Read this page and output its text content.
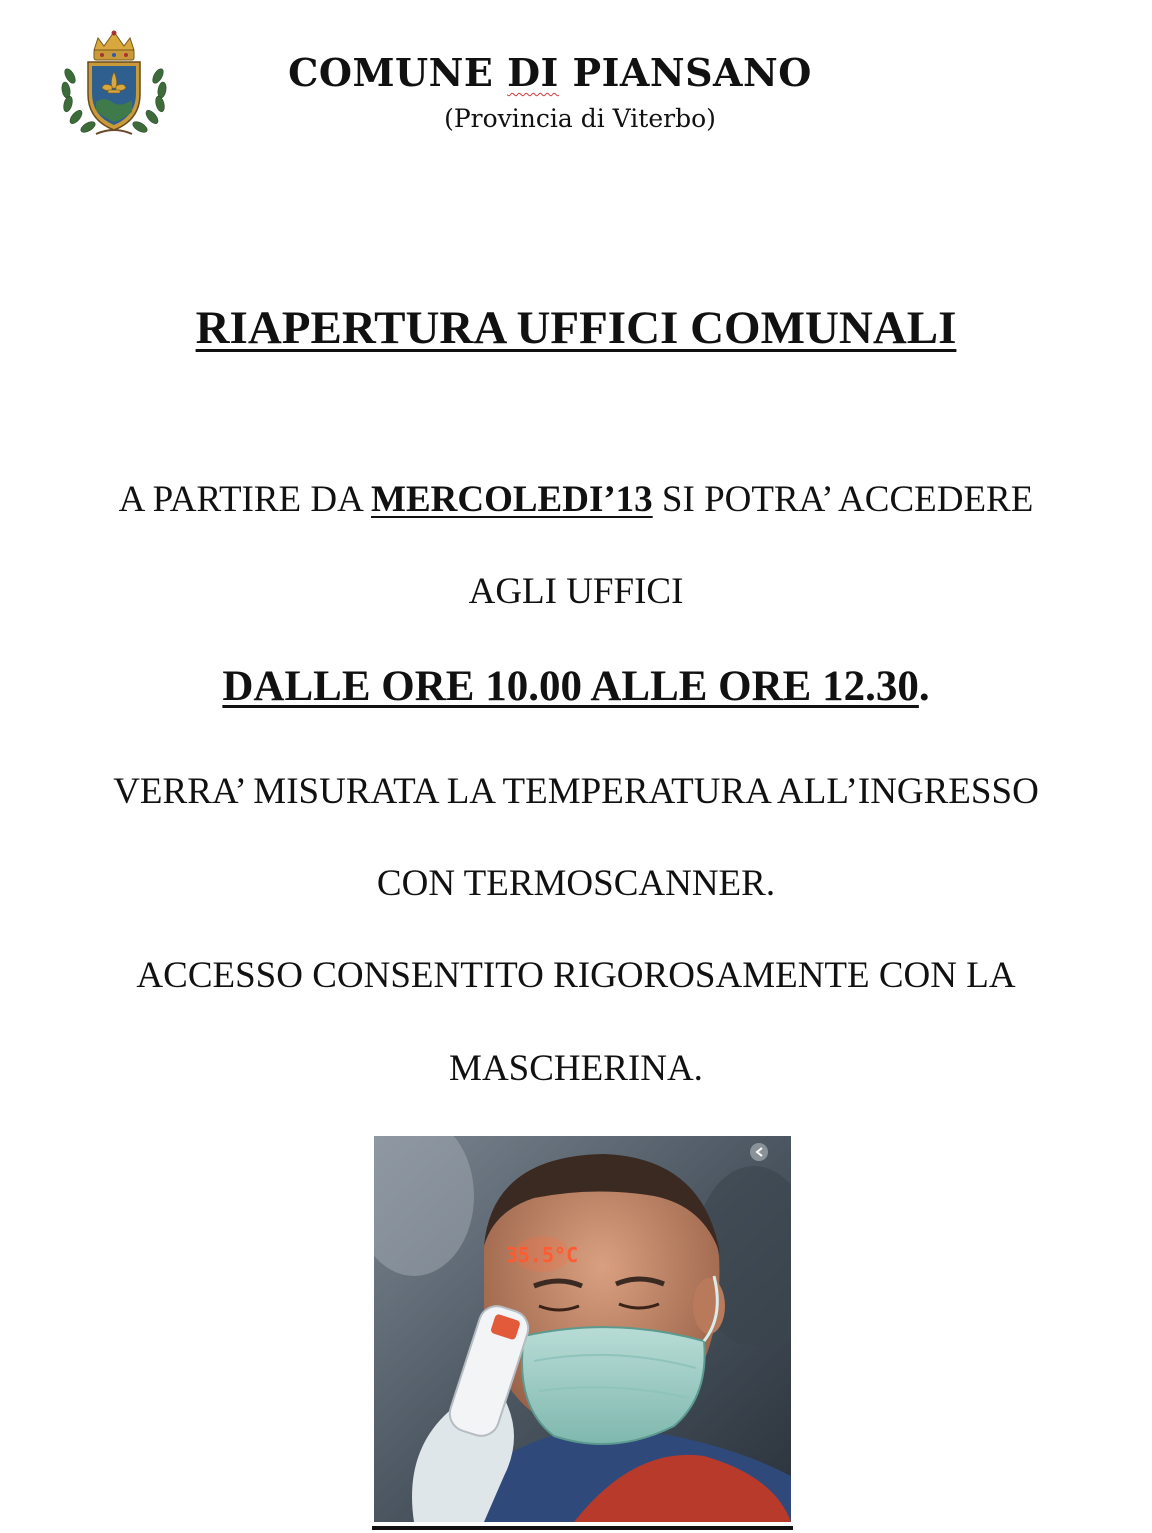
COMUNE DI PIANSANO
(Provincia di Viterbo)
RIAPERTURA UFFICI COMUNALI
A PARTIRE DA MERCOLEDI’13 SI POTRA’ ACCEDERE
AGLI UFFICI
DALLE ORE 10.00 ALLE ORE 12.30.
VERRA’ MISURATA LA TEMPERATURA ALL’INGRESSO
CON TERMOSCANNER.
ACCESSO CONSENTITO RIGOROSAMENTE CON LA
MASCHERINA.
35.5°C
